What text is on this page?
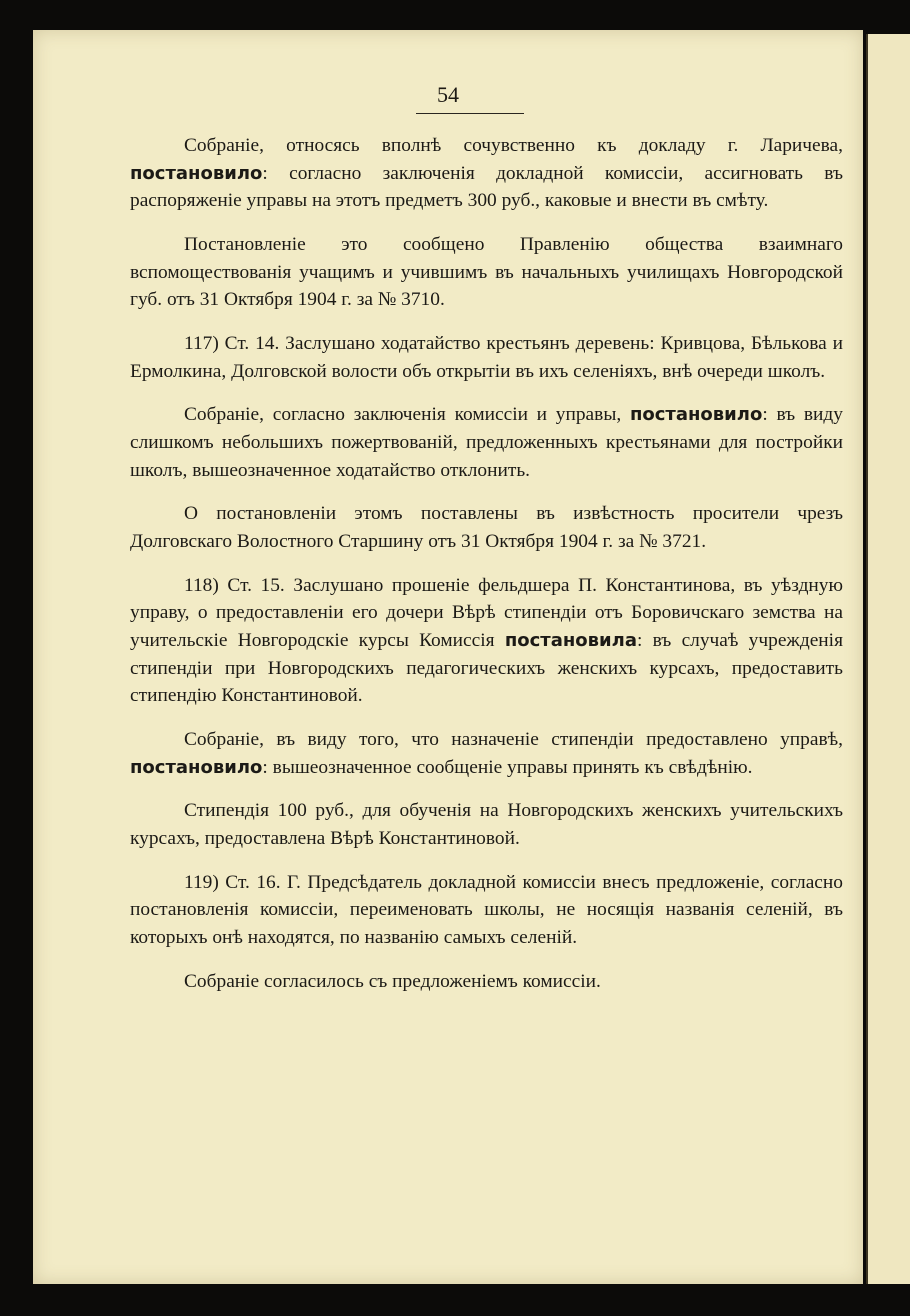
54

Собраніе, относясь вполнѣ сочувственно къ докладу г. Ларичева, постановило: согласно заключенія докладной комиссіи, ассигновать въ распоряженіе управы на этотъ предметъ 300 руб., каковые и внести въ смѣту.

Постановленіе это сообщено Правленію общества взаимнаго вспомоществованія учащимъ и учившимъ въ начальныхъ училищахъ Новгородской губ. отъ 31 Октября 1904 г. за № 3710.

117) Ст. 14. Заслушано ходатайство крестьянъ деревень: Кривцова, Бѣлькова и Ермолкина, Долговской волости объ открытіи въ ихъ селеніяхъ, внѣ очереди школъ.

Собраніе, согласно заключенія комиссіи и управы, постановило: въ виду слишкомъ небольшихъ пожертвованій, предложенныхъ крестьянами для постройки школъ, вышеозначенное ходатайство отклонить.

О постановленіи этомъ поставлены въ извѣстность просители чрезъ Долговскаго Волостного Старшину отъ 31 Октября 1904 г. за № 3721.

118) Ст. 15. Заслушано прошеніе фельдшера П. Константинова, въ уѣздную управу, о предоставленіи его дочери Вѣрѣ стипендіи отъ Боровичскаго земства на учительскіе Новгородскіе курсы Комиссія постановила: въ случаѣ учрежденія стипендіи при Новгородскихъ педагогическихъ женскихъ курсахъ, предоставить стипендію Константиновой.

Собраніе, въ виду того, что назначеніе стипендіи предоставлено управѣ, постановило: вышеозначенное сообщеніе управы принять къ свѣдѣнію.

Стипендія 100 руб., для обученія на Новгородскихъ женскихъ учительскихъ курсахъ, предоставлена Вѣрѣ Константиновой.

119) Ст. 16. Г. Предсѣдатель докладной комиссіи внесъ предложеніе, согласно постановленія комиссіи, переименовать школы, не носящія названія селеній, въ которыхъ онѣ находятся, по названію самыхъ селеній.

Собраніе согласилось съ предложеніемъ комиссіи.
